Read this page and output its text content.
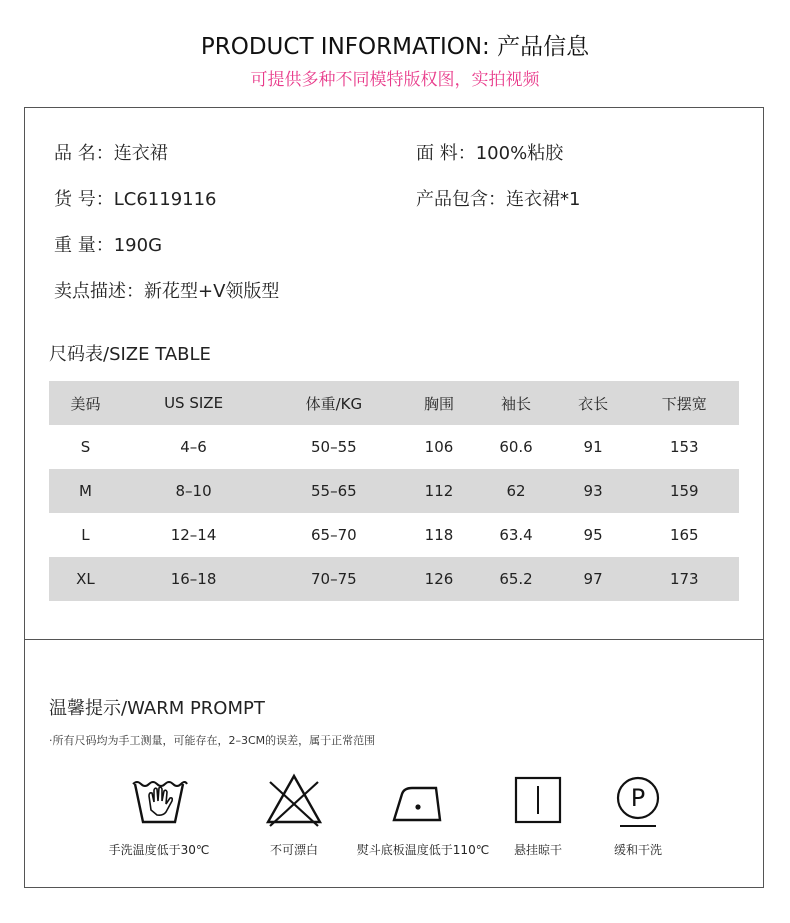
PRODUCT INFORMATION: 产品信息
可提供多种不同模特版权图，实拍视频
品 名：连衣裙	面 料：100%粘胶
货 号：LC6119116	产品包含：连衣裙*1
重 量：190G
卖点描述：新花型+V领版型
尺码表/SIZE TABLE
美码	US SIZE	体重/KG	胸围	袖长	衣长	下摆宽
S	4–6	50–55	106	60.6	91	153
M	8–10	55–65	112	62	93	159
L	12–14	65–70	118	63.4	95	165
XL	16–18	70–75	126	65.2	97	173
温馨提示/WARM PROMPT
·所有尺码均为手工测量，可能存在，2–3CM的误差，属于正常范围
P
手洗温度低于30℃	不可漂白	熨斗底板温度低于110℃	悬挂晾干	缓和干洗
